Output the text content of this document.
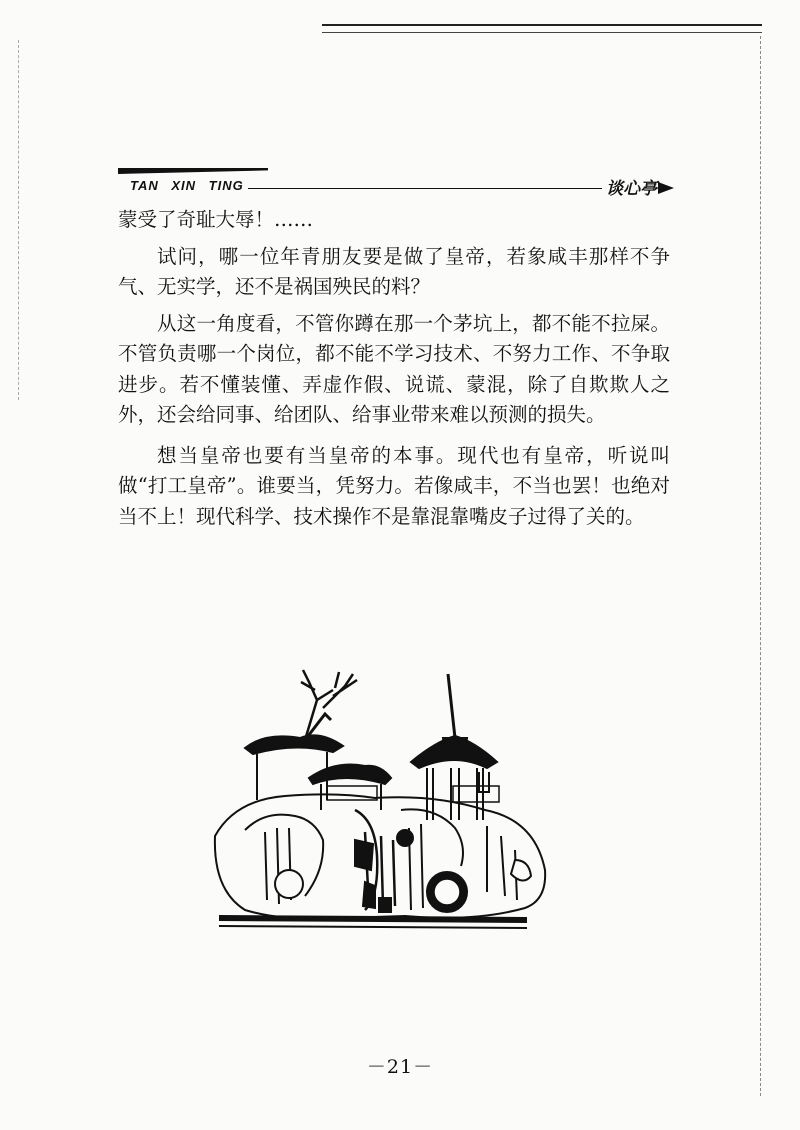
TAN XIN TING	谈心亭

蒙受了奇耻大辱！……

试问，哪一位年青朋友要是做了皇帝，若象咸丰那样不争气、无实学，还不是祸国殃民的料？

从这一角度看，不管你蹲在那一个茅坑上，都不能不拉屎。不管负责哪一个岗位，都不能不学习技术、不努力工作、不争取进步。若不懂装懂、弄虚作假、说谎、蒙混，除了自欺欺人之外，还会给同事、给团队、给事业带来难以预测的损失。

想当皇帝也要有当皇帝的本事。现代也有皇帝，听说叫做“打工皇帝”。谁要当，凭努力。若像咸丰，不当也罢！也绝对当不上！现代科学、技术操作不是靠混靠嘴皮子过得了关的。

－21－
